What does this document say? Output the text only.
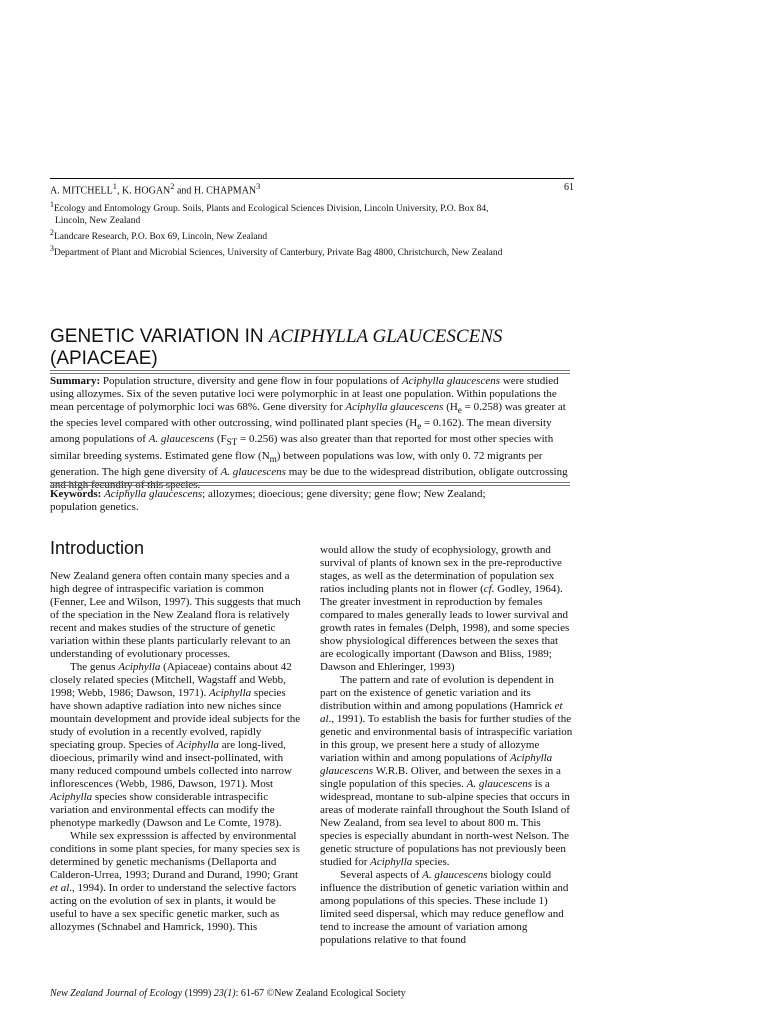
A. MITCHELL$^1$, K. HOGAN$^2$ and H. CHAPMAN$^3$	61
$^1$Ecology and Entomology Group. Soils, Plants and Ecological Sciences Division, Lincoln University, P.O. Box 84,
Lincoln, New Zealand
$^2$Landcare Research, P.O. Box 69, Lincoln, New Zealand
$^3$Department of Plant and Microbial Sciences, University of Canterbury, Private Bag 4800, Christchurch, New Zealand
GENETIC VARIATION IN ACIPHYLLA GLAUCESCENS
(APIACEAE)
Summary: Population structure, diversity and gene flow in four populations of Aciphylla glaucescens were studied using allozymes. Six of the seven putative loci were polymorphic in at least one population. Within populations the mean percentage of polymorphic loci was 68%. Gene diversity for Aciphylla glaucescens $(H_e = 0.258)$ was greater at the species level compared with other outcrossing, wind pollinated plant species $(H_e = 0.162)$. The mean diversity among populations of A. glaucescens $(F_{ST} = 0.256)$ was also greater than that reported for most other species with similar breeding systems. Estimated gene flow $(N_m)$ between populations was low, with only 0. 72 migrants per generation. The high gene diversity of A. glaucescens may be due to the widespread distribution, obligate outcrossing and high fecundity of this species.
Keywords: Aciphylla glaucescens; allozymes; dioecious; gene diversity; gene flow; New Zealand; population genetics.
Introduction

New Zealand genera often contain many species and a high degree of intraspecific variation is common (Fenner, Lee and Wilson, 1997). This suggests that much of the speciation in the New Zealand flora is relatively recent and makes studies of the structure of genetic variation within these plants particularly relevant to an understanding of evolutionary processes.

The genus Aciphylla (Apiaceae) contains about 42 closely related species (Mitchell, Wagstaff and Webb, 1998; Webb, 1986; Dawson, 1971). Aciphylla species have shown adaptive radiation into new niches since mountain development and provide ideal subjects for the study of evolution in a recently evolved, rapidly speciating group. Species of Aciphylla are long-lived, dioecious, primarily wind and insect-pollinated, with many reduced compound umbels collected into narrow inflorescences (Webb, 1986, Dawson, 1971). Most Aciphylla species show considerable intraspecific variation and environmental effects can modify the phenotype markedly (Dawson and Le Comte, 1978).

While sex expresssion is affected by environmental conditions in some plant species, for many species sex is determined by genetic mechanisms (Dellaporta and Calderon-Urrea, 1993; Durand and Durand, 1990; Grant et al., 1994). In order to understand the selective factors acting on the evolution of sex in plants, it would be useful to have a sex specific genetic marker, such as allozymes (Schnabel and Hamrick, 1990). This

would allow the study of ecophysiology, growth and survival of plants of known sex in the pre-reproductive stages, as well as the determination of population sex ratios including plants not in flower (cf. Godley, 1964). The greater investment in reproduction by females compared to males generally leads to lower survival and growth rates in females (Delph, 1998), and some species show physiological differences between the sexes that are ecologically important (Dawson and Bliss, 1989; Dawson and Ehleringer, 1993)

The pattern and rate of evolution is dependent in part on the existence of genetic variation and its distribution within and among populations (Hamrick et al., 1991). To establish the basis for further studies of the genetic and environmental basis of intraspecific variation in this group, we present here a study of allozyme variation within and among populations of Aciphylla glaucescens W.R.B. Oliver, and between the sexes in a single population of this species. A. glaucescens is a widespread, montane to sub-alpine species that occurs in areas of moderate rainfall throughout the South Island of New Zealand, from sea level to about 800 m. This species is especially abundant in north-west Nelson. The genetic structure of populations has not previously been studied for Aciphylla species.

Several aspects of A. glaucescens biology could influence the distribution of genetic variation within and among populations of this species. These include 1) limited seed dispersal, which may reduce geneflow and tend to increase the amount of variation among populations relative to that found

New Zealand Journal of Ecology (1999) 23(1): 61-67 ©New Zealand Ecological Society
